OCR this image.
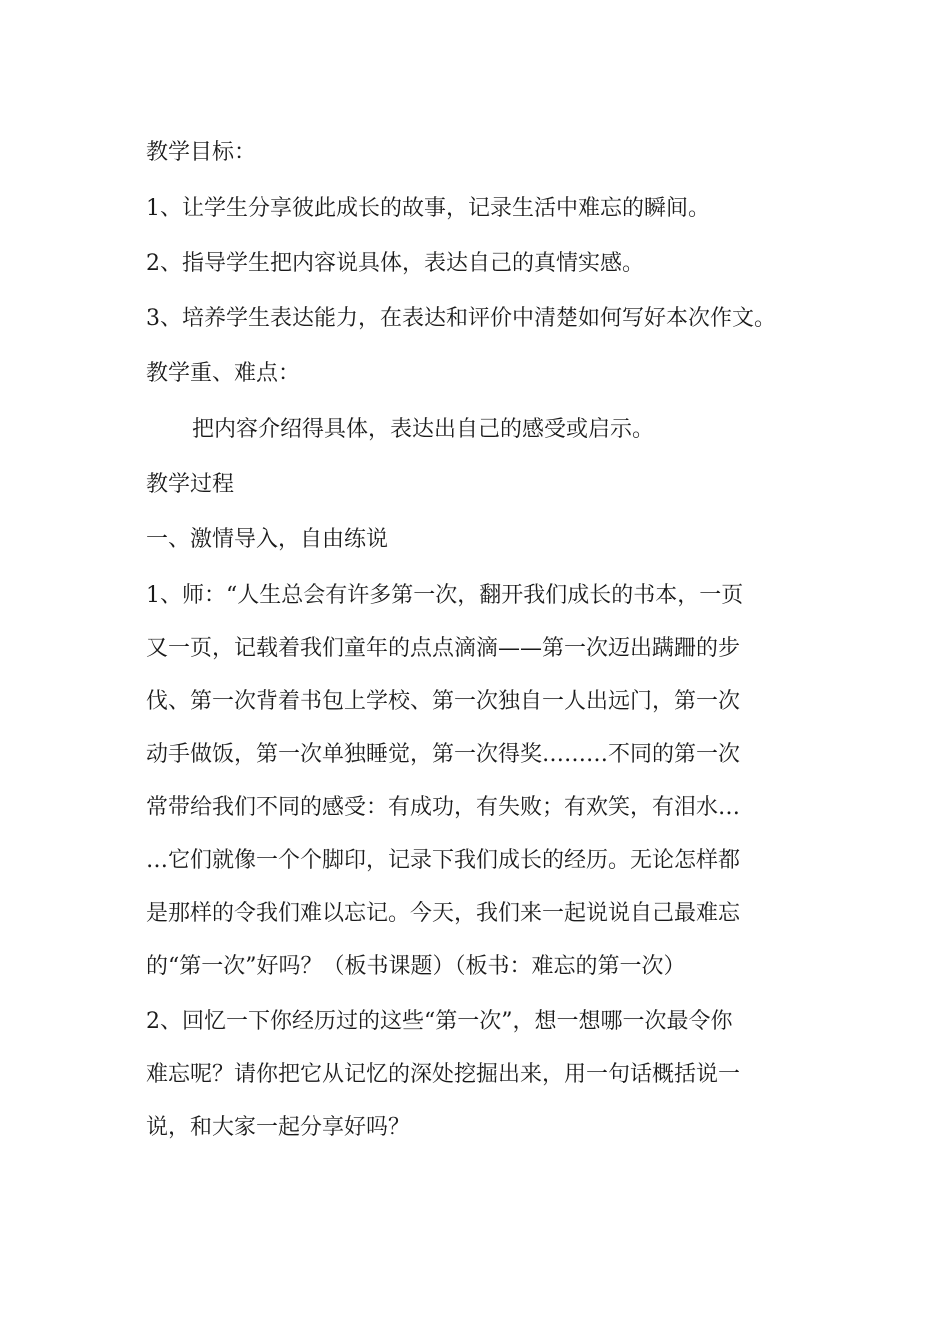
教学目标：
1、让学生分享彼此成长的故事，记录生活中难忘的瞬间。
2、指导学生把内容说具体，表达自己的真情实感。
3、培养学生表达能力，在表达和评价中清楚如何写好本次作文。
教学重、难点：
把内容介绍得具体，表达出自己的感受或启示。
教学过程
一、激情导入，自由练说
1、师：“人生总会有许多第一次，翻开我们成长的书本，一页
又一页，记载着我们童年的点点滴滴——第一次迈出蹒跚的步
伐、第一次背着书包上学校、第一次独自一人出远门，第一次
动手做饭，第一次单独睡觉，第一次得奖………不同的第一次
常带给我们不同的感受：有成功，有失败；有欢笑，有泪水…
…它们就像一个个脚印，记录下我们成长的经历。无论怎样都
是那样的令我们难以忘记。今天，我们来一起说说自己最难忘
的“第一次”好吗？（板书课题）（板书：难忘的第一次）
2、回忆一下你经历过的这些“第一次”，想一想哪一次最令你
难忘呢？请你把它从记忆的深处挖掘出来，用一句话概括说一
说，和大家一起分享好吗？
